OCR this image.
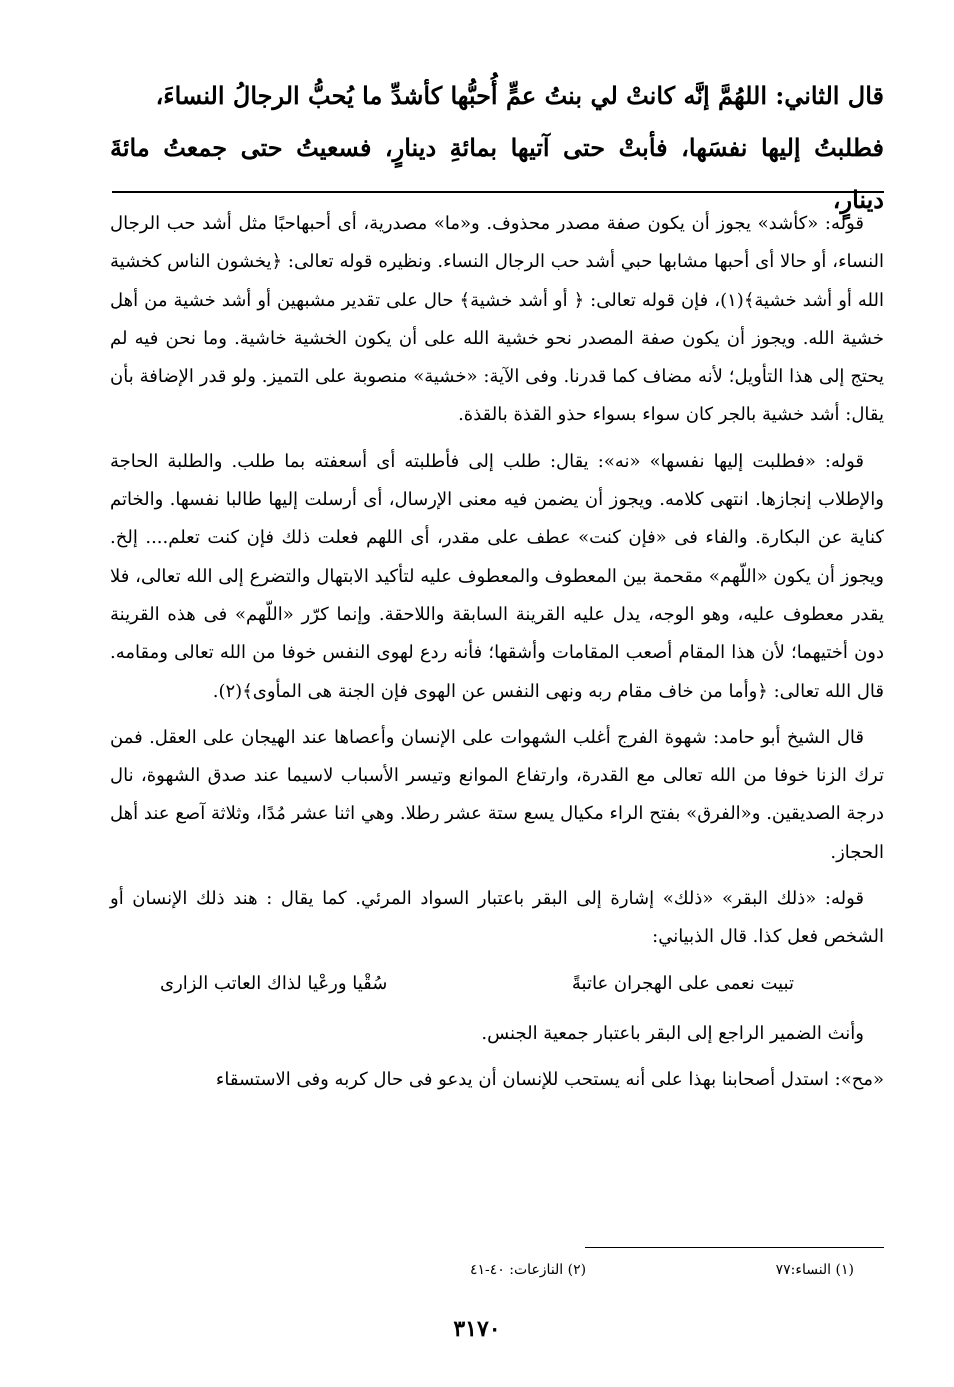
قال الثاني: اللهُمَّ إنَّه كانتْ لي بنتُ عمٍّ أُحبُّها كأشدِّ ما يُحبُّ الرجالُ النساءَ،

فطلبتُ إليها نفسَها، فأبتْ حتى آتيها بمائةِ دينارٍ، فسعيتُ حتى جمعتُ مائةَ دينارٍ،

قوله: «كأشد» يجوز أن يكون صفة مصدر محذوف. و«ما» مصدرية، أى أحبهاحبًا مثل أشد حب الرجال النساء، أو حالا أى أحبها مشابها حبي أشد حب الرجال النساء. ونظيره قوله تعالى: ﴿يخشون الناس كخشية الله أو أشد خشية﴾(١)، فإن قوله تعالى: ﴿ أو أشد خشية﴾ حال على تقدير مشبهين أو أشد خشية من أهل خشية الله. ويجوز أن يكون صفة المصدر نحو خشية الله على أن يكون الخشية خاشية. وما نحن فيه لم يحتج إلى هذا التأويل؛ لأنه مضاف كما قدرنا. وفى الآية: «خشية» منصوبة على التميز. ولو قدر الإضافة بأن يقال: أشد خشية بالجر كان سواء بسواء حذو القذة بالقذة.

قوله: «فطلبت إليها نفسها» «نه»: يقال: طلب إلى فأطلبته أى أسعفته بما طلب. والطلبة الحاجة والإطلاب إنجازها. انتهى كلامه. ويجوز أن يضمن فيه معنى الإرسال، أى أرسلت إليها طالبا نفسها. والخاتم كناية عن البكارة. والفاء فى «فإن كنت» عطف على مقدر، أى اللهم فعلت ذلك فإن كنت تعلم.... إلخ. ويجوز أن يكون «اللّهم» مقحمة بين المعطوف والمعطوف عليه لتأكيد الابتهال والتضرع إلى الله تعالى، فلا يقدر معطوف عليه، وهو الوجه، يدل عليه القرينة السابقة واللاحقة. وإنما كرّر «اللّهم» فى هذه القرينة دون أختيهما؛ لأن هذا المقام أصعب المقامات وأشقها؛ فأنه ردع لهوى النفس خوفا من الله تعالى ومقامه. قال الله تعالى: ﴿وأما من خاف مقام ربه ونهى النفس عن الهوى فإن الجنة هى المأوى﴾(٢).

قال الشيخ أبو حامد: شهوة الفرج أغلب الشهوات على الإنسان وأعصاها عند الهيجان على العقل. فمن ترك الزنا خوفا من الله تعالى مع القدرة، وارتفاع الموانع وتيسر الأسباب لاسيما عند صدق الشهوة، نال درجة الصديقين. و«الفرق» بفتح الراء مكيال يسع ستة عشر رطلا. وهي اثنا عشر مُدًا، وثلاثة آصع عند أهل الحجاز.

قوله: «ذلك البقر» «ذلك» إشارة إلى البقر باعتبار السواد المرئي. كما يقال : هند ذلك الإنسان أو الشخص فعل كذا. قال الذبياني:

تبيت نعمى على الهجران عاتبةً
سُقْيا ورعْيا لذاك العاتب الزارى

وأنث الضمير الراجع إلى البقر باعتبار جمعية الجنس.

«مح»: استدل أصحابنا بهذا على أنه يستحب للإنسان أن يدعو فى حال كربه وفى الاستسقاء

(١) النساء:٧٧
(٢) النازعات: ٤٠-٤١
٣١٧٠
